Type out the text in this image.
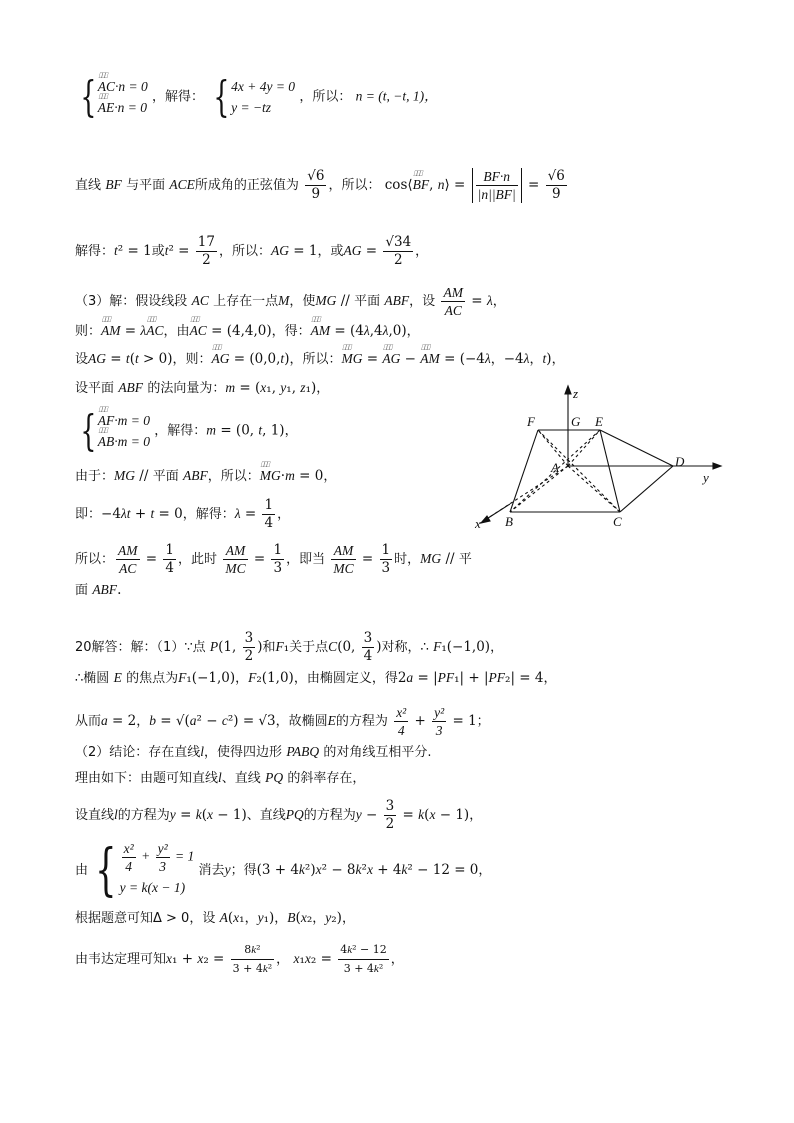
{⌷⌷⌷ AC·n = 0
⌷⌷⌷ AE·n = 0 ，解得： {4x + 4y = 0
y = −tz ，所以： n = (t, −t, 1)，
直线 BF 与平面 ACE所成角的正弦值为 $\frac{√6}{9}$ ，所以： cos⟨⌷⌷⌷ BF, n⟩ = $\frac{BF\cdot n}{|n||BF|} = \frac{√6}{9}$
解得：t² = 1或$t^2 = \frac{17}{2}$ ，所以：AG = 1，或AG = $\frac{√34}{2}$ ，
（3）解：假设线段 AC 上存在一点M，使MG // 平面 ABF，设 $\frac{AM}{AC} = \lambda$，
则：⌷⌷⌷ AM = λ⌷⌷⌷ AC，由⌷⌷⌷ AC = (4,4,0)，得：⌷⌷⌷ AM = (4λ,4λ,0)，
设AG = t(t > 0)，则：⌷⌷⌷ AG = (0,0,t)，所以：⌷⌷⌷ MG = ⌷⌷⌷ AG − ⌷⌷⌷ AM = (−4λ，−4λ，t)，
设平面 ABF 的法向量为：m = (x₁, y₁, z₁)，
{⌷⌷⌷ AF·m = 0
⌷⌷⌷ AB·m = 0 ，解得：m = (0, t, 1)，
由于：MG // 平面 ABF，所以：⌷⌷⌷ MG·m = 0，
即：−4λt + t = 0，解得：$\lambda = \frac{1}{4}$ ，
所以： $\frac{AM}{AC} = \frac{1}{4}$ ，此时 $\frac{AM}{MC} = \frac{1}{3}$ ，即当 $\frac{AM}{MC} = \frac{1}{3}$ 时，MG // 平
面 ABF.
20解答：解：（1）∵点 P(1, $\frac{3}{2}$ )和F₁关于点C(0, $\frac{3}{4}$ )对称，∴ F₁(−1,0)，
∴椭圆 E 的焦点为F₁(−1,0)，F₂(1,0)，由椭圆定义，得2a = |PF₁| + |PF₂| = 4，
从而a = 2，b = √(a² − c²) = √3，故椭圆E的方程为 $\frac{\text{x²}}{4} + \frac{\text{y²}}{3} = 1$；
（2）结论：存在直线l，使得四边形 PABQ 的对角线互相平分.
理由如下：由题可知直线l、直线 PQ 的斜率存在，
设直线l的方程为y = k(x − 1)、直线PQ的方程为$y - \frac{3}{2} = k(x - 1)$，
由 { $\frac{\text{x²}}{4} + \frac{\text{y²}}{3} = 1$
y = k(x − 1) 消去y；得(3 + 4k²)x² − 8k²x + 4k² − 12 = 0，
根据题意可知Δ > 0，设 A(x₁，y₁)，B(x₂，y₂)，
由韦达定理可知$x_1 + x_2 = \frac{\text{8k²}}{\text{3 + 4k²}}$ ， $x_1x_2 = \frac{\text{4k² − 12}}{\text{3 + 4k²}}$ ，
z
F	G E
A	D
y
x B	C
